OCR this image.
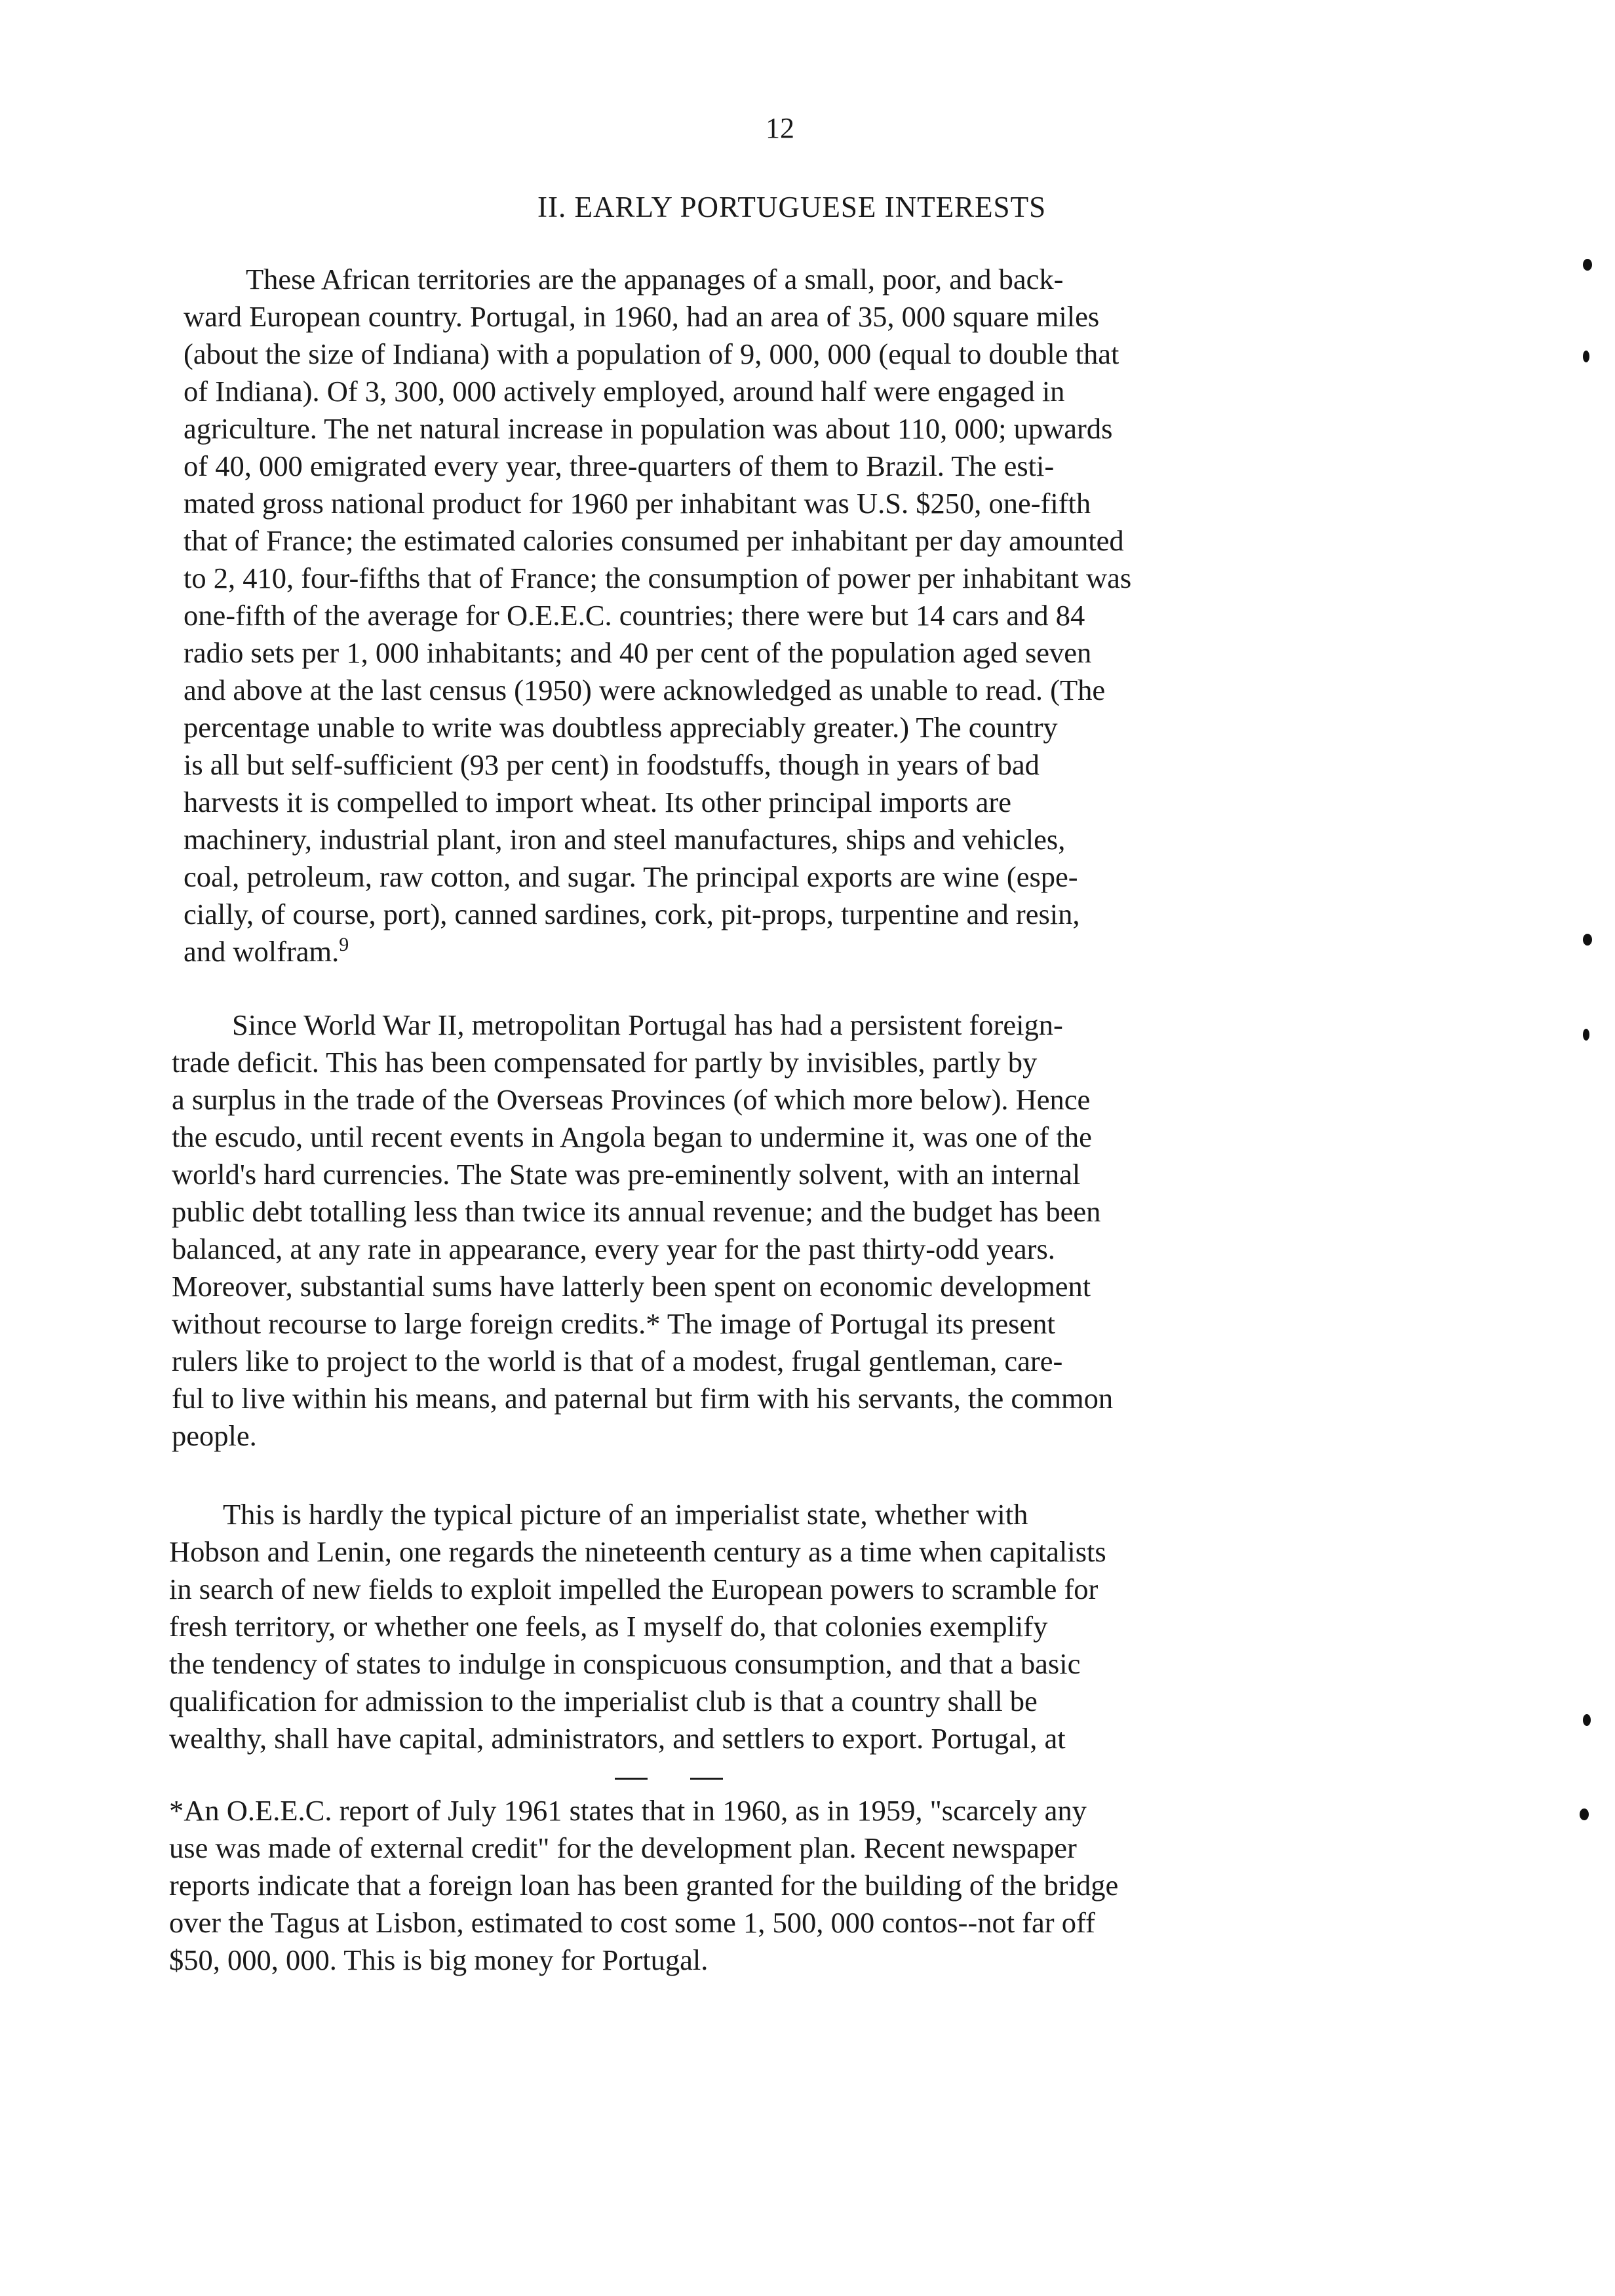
12
II. EARLY PORTUGUESE INTERESTS

These African territories are the appanages of a small, poor, and back-
ward European country. Portugal, in 1960, had an area of 35, 000 square miles
(about the size of Indiana) with a population of 9, 000, 000 (equal to double that
of Indiana). Of 3, 300, 000 actively employed, around half were engaged in
agriculture. The net natural increase in population was about 110, 000; upwards
of 40, 000 emigrated every year, three-quarters of them to Brazil. The esti-
mated gross national product for 1960 per inhabitant was U.S. $250, one-fifth
that of France; the estimated calories consumed per inhabitant per day amounted
to 2, 410, four-fifths that of France; the consumption of power per inhabitant was
one-fifth of the average for O.E.E.C. countries; there were but 14 cars and 84
radio sets per 1, 000 inhabitants; and 40 per cent of the population aged seven
and above at the last census (1950) were acknowledged as unable to read. (The
percentage unable to write was doubtless appreciably greater.) The country
is all but self-sufficient (93 per cent) in foodstuffs, though in years of bad
harvests it is compelled to import wheat. Its other principal imports are
machinery, industrial plant, iron and steel manufactures, ships and vehicles,
coal, petroleum, raw cotton, and sugar. The principal exports are wine (espe-
cially, of course, port), canned sardines, cork, pit-props, turpentine and resin,
and wolfram.$^9$

Since World War II, metropolitan Portugal has had a persistent foreign-
trade deficit. This has been compensated for partly by invisibles, partly by
a surplus in the trade of the Overseas Provinces (of which more below). Hence
the escudo, until recent events in Angola began to undermine it, was one of the
world's hard currencies. The State was pre-eminently solvent, with an internal
public debt totalling less than twice its annual revenue; and the budget has been
balanced, at any rate in appearance, every year for the past thirty-odd years.
Moreover, substantial sums have latterly been spent on economic development
without recourse to large foreign credits.* The image of Portugal its present
rulers like to project to the world is that of a modest, frugal gentleman, care-
ful to live within his means, and paternal but firm with his servants, the common
people.

This is hardly the typical picture of an imperialist state, whether with
Hobson and Lenin, one regards the nineteenth century as a time when capitalists
in search of new fields to exploit impelled the European powers to scramble for
fresh territory, or whether one feels, as I myself do, that colonies exemplify
the tendency of states to indulge in conspicuous consumption, and that a basic
qualification for admission to the imperialist club is that a country shall be
wealthy, shall have capital, administrators, and settlers to export. Portugal, at

*An O.E.E.C. report of July 1961 states that in 1960, as in 1959, "scarcely any
use was made of external credit" for the development plan. Recent newspaper
reports indicate that a foreign loan has been granted for the building of the bridge
over the Tagus at Lisbon, estimated to cost some 1, 500, 000 contos--not far off
$50, 000, 000. This is big money for Portugal.
